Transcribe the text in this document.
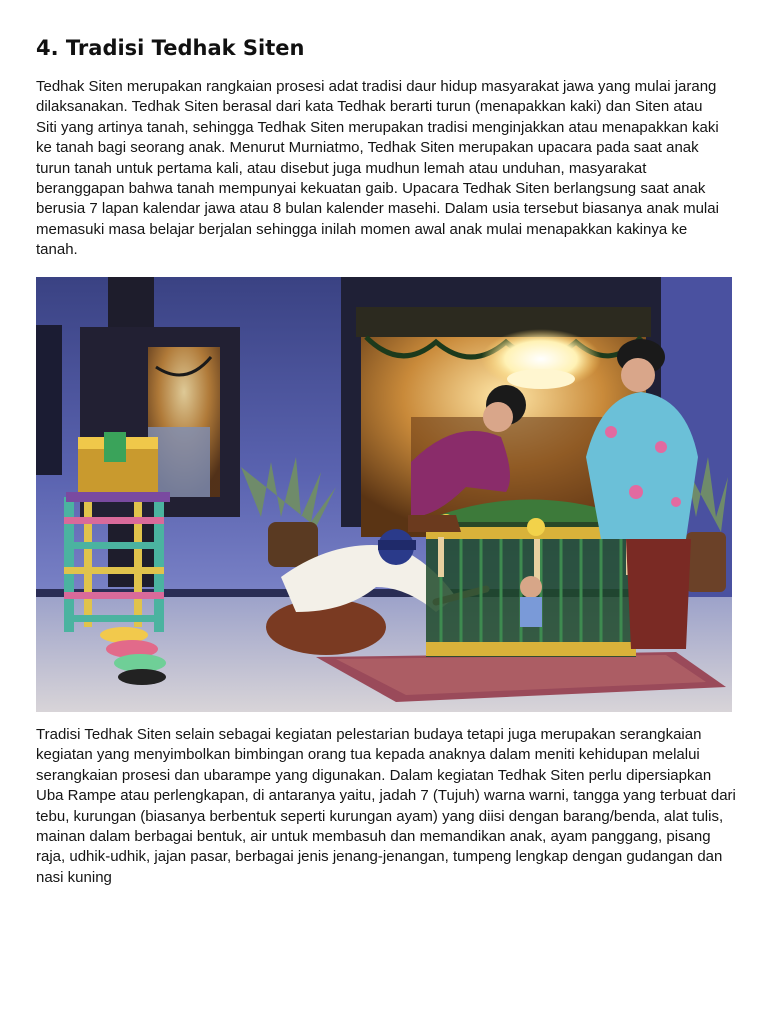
4. Tradisi Tedhak Siten

Tedhak Siten merupakan rangkaian prosesi adat tradisi daur hidup masyarakat jawa yang mulai jarang dilaksanakan. Tedhak Siten berasal dari kata Tedhak berarti turun (menapakkan kaki) dan Siten atau Siti yang artinya tanah, sehingga Tedhak Siten merupakan tradisi menginjakkan atau menapakkan kaki ke tanah bagi seorang anak. Menurut Murniatmo, Tedhak Siten merupakan upacara pada saat anak turun tanah untuk pertama kali, atau disebut juga mudhun lemah atau unduhan, masyarakat beranggapan bahwa tanah mempunyai kekuatan gaib. Upacara Tedhak Siten berlangsung saat anak berusia 7 lapan kalendar jawa atau 8 bulan kalender masehi. Dalam usia tersebut biasanya anak mulai memasuki masa belajar berjalan sehingga inilah momen awal anak mulai menapakkan kakinya ke tanah.

Tradisi Tedhak Siten selain sebagai kegiatan pelestarian budaya tetapi juga merupakan serangkaian kegiatan yang menyimbolkan bimbingan orang tua kepada anaknya dalam meniti kehidupan melalui serangkaian prosesi dan ubarampe yang digunakan. Dalam kegiatan Tedhak Siten perlu dipersiapkan Uba Rampe atau perlengkapan, di antaranya yaitu, jadah 7 (Tujuh) warna warni, tangga yang terbuat dari tebu, kurungan (biasanya berbentuk seperti kurungan ayam) yang diisi dengan barang/benda, alat tulis, mainan dalam berbagai bentuk, air untuk membasuh dan memandikan anak, ayam panggang, pisang raja, udhik-udhik, jajan pasar, berbagai jenis jenang-jenangan, tumpeng lengkap dengan gudangan dan nasi kuning
